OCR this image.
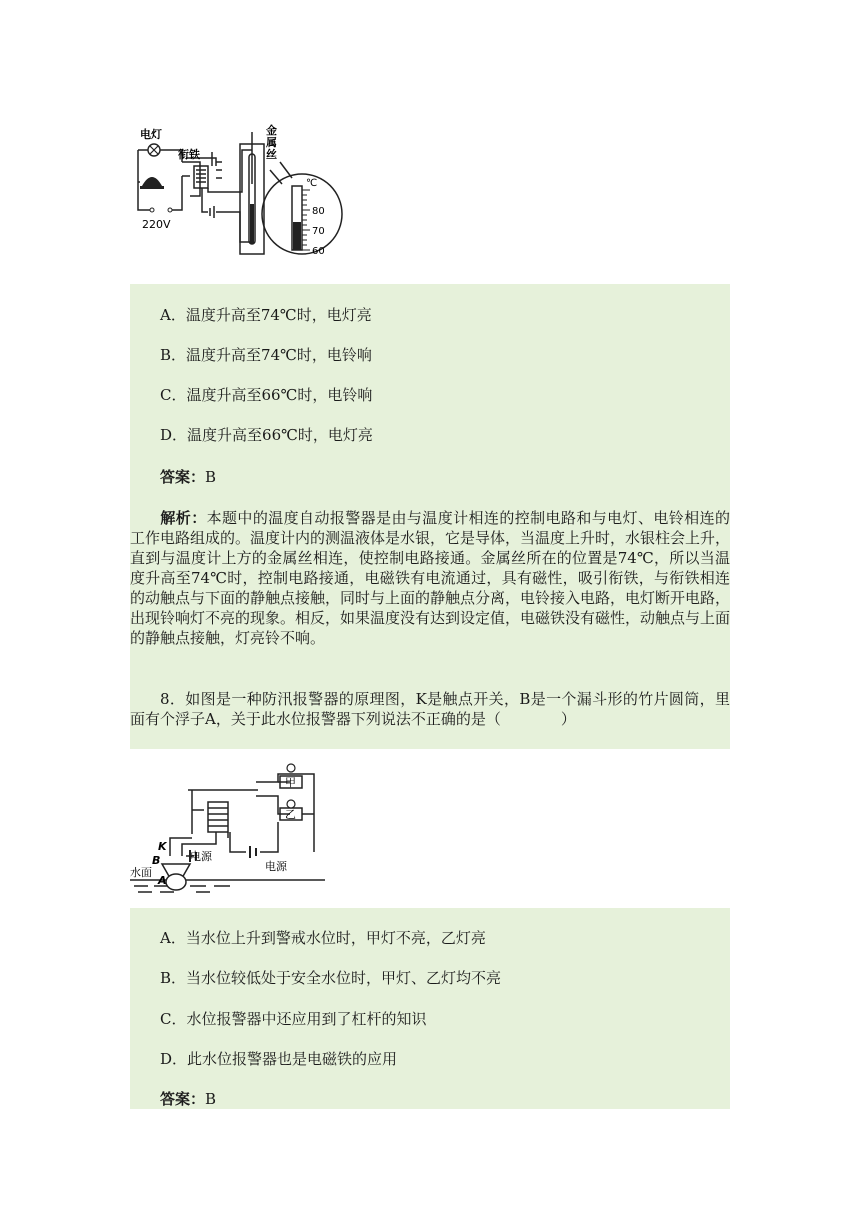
电灯
衔铁
220V
金
属
丝
℃
80
70
60
A．温度升高至74℃时，电灯亮
B．温度升高至74℃时，电铃响
C．温度升高至66℃时，电铃响
D．温度升高至66℃时，电灯亮
答案：B
解析：本题中的温度自动报警器是由与温度计相连的控制电路和与电灯、电铃相连的工作电路组成的。温度计内的测温液体是水银，它是导体，当温度上升时，水银柱会上升，直到与温度计上方的金属丝相连，使控制电路接通。金属丝所在的位置是74℃，所以当温度升高至74℃时，控制电路接通，电磁铁有电流通过，具有磁性，吸引衔铁，与衔铁相连的动触点与下面的静触点接触，同时与上面的静触点分离，电铃接入电路，电灯断开电路，出现铃响灯不亮的现象。相反，如果温度没有达到设定值，电磁铁没有磁性，动触点与上面的静触点接触，灯亮铃不响。
8．如图是一种防汛报警器的原理图，K是触点开关，B是一个漏斗形的竹片圆筒，里面有个浮子A，关于此水位报警器下列说法不正确的是（　　　　）
甲
乙
电源
电源
K
B
A
水面
A．当水位上升到警戒水位时，甲灯不亮，乙灯亮
B．当水位较低处于安全水位时，甲灯、乙灯均不亮
C．水位报警器中还应用到了杠杆的知识
D．此水位报警器也是电磁铁的应用
答案：B
